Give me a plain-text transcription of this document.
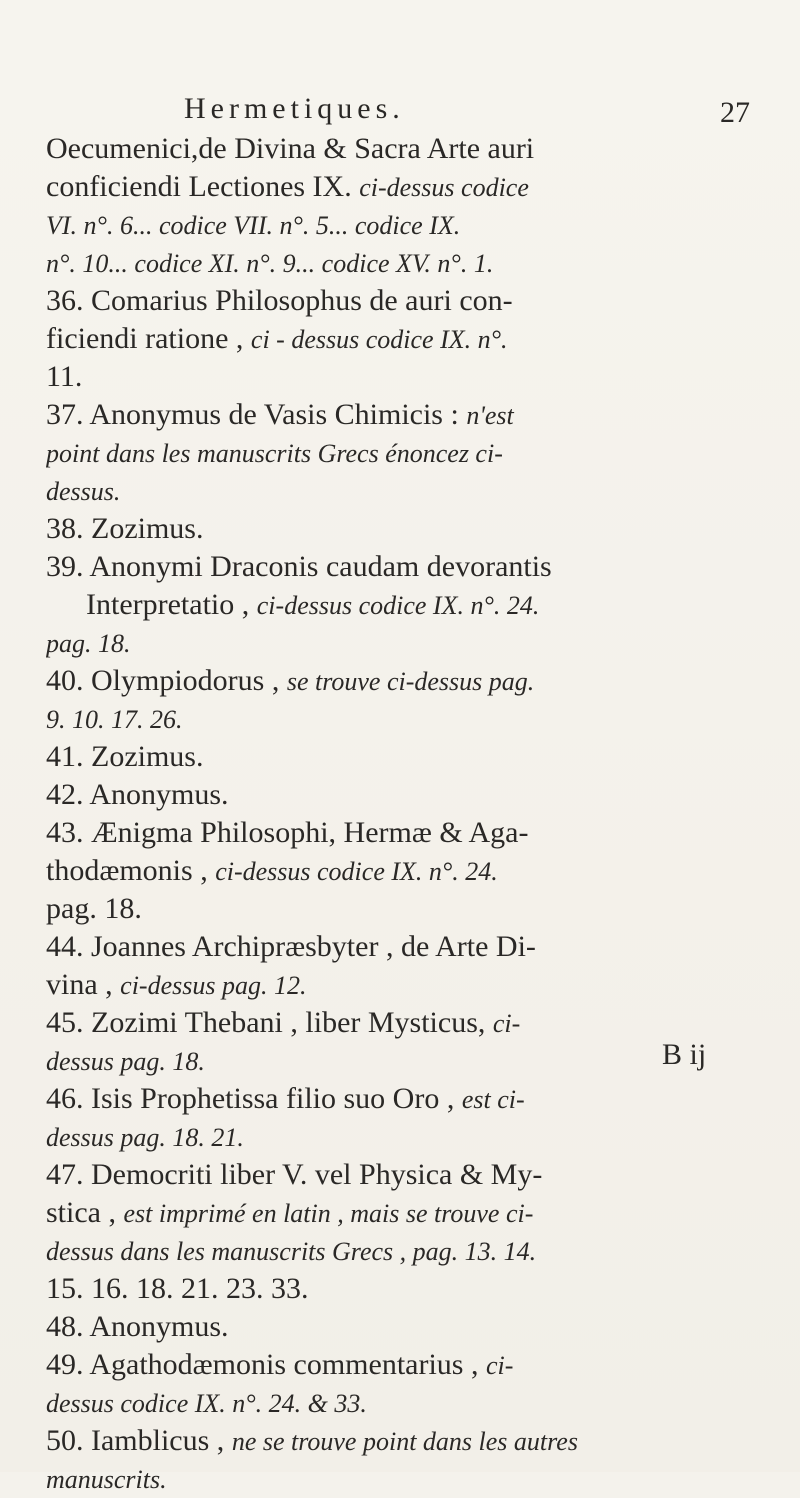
Hermetiques.	27
Oecumenici,de Divina & Sacra Arte auri
conficiendi Lectiones IX. ci-dessus codice
VI. n°. 6... codice VII. n°. 5... codice IX.
n°. 10... codice XI. n°. 9... codice XV. n°. 1.
36. Comarius Philosophus de auri con-
ficiendi ratione , ci - dessus codice IX. n°.
11.
37. Anonymus de Vasis Chimicis : n'est
point dans les manuscrits Grecs énoncez ci-
dessus.
38. Zozimus.
39. Anonymi Draconis caudam devorantis
Interpretatio , ci-dessus codice IX. n°. 24.
pag. 18.
40. Olympiodorus , se trouve ci-dessus pag.
9. 10. 17. 26.
41. Zozimus.
42. Anonymus.
43. Ænigma Philosophi, Hermæ & Aga-
thodæmonis , ci-dessus codice IX. n°. 24.
pag. 18.
44. Joannes Archipræsbyter , de Arte Di-
vina , ci-dessus pag. 12.
45. Zozimi Thebani , liber Mysticus, ci-
dessus pag. 18.
46. Isis Prophetissa filio suo Oro , est ci-
dessus pag. 18. 21.
47. Democriti liber V. vel Physica & My-
stica , est imprimé en latin , mais se trouve ci-
dessus dans les manuscrits Grecs , pag. 13. 14.
15. 16. 18. 21. 23. 33.
48. Anonymus.
49. Agathodæmonis commentarius , ci-
dessus codice IX. n°. 24. & 33.
50. Iamblicus , ne se trouve point dans les autres
manuscrits.
B ij
